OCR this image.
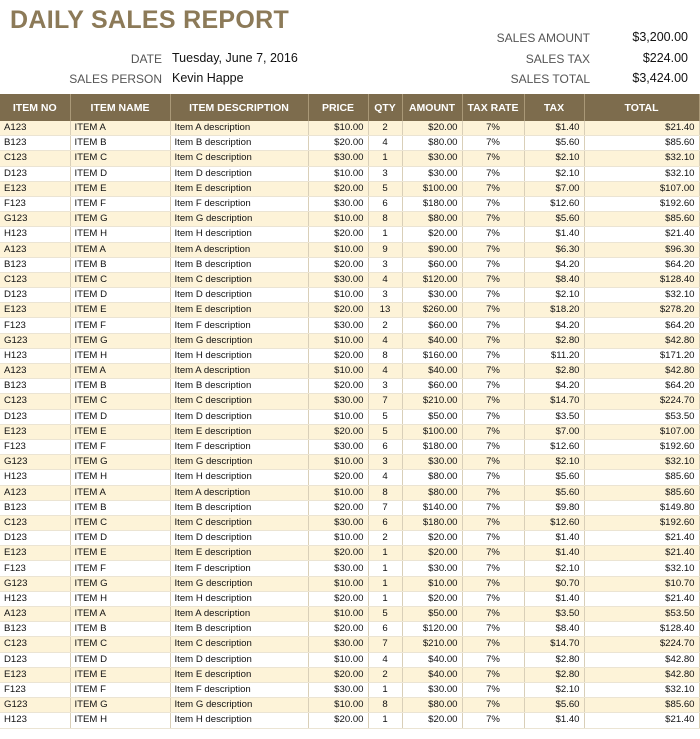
DAILY SALES REPORT
DATE Tuesday, June 7, 2016
SALES PERSON Kevin Happe
SALES AMOUNT	$3,200.00
SALES TAX	$224.00
SALES TOTAL	$3,424.00
ITEM NO	ITEM NAME	ITEM DESCRIPTION	PRICE	QTY	AMOUNT	TAX RATE	TAX	TOTAL
A123	ITEM A	Item A description	$10.00	2	$20.00	7%	$1.40	$21.40
B123	ITEM B	Item B description	$20.00	4	$80.00	7%	$5.60	$85.60
C123	ITEM C	Item C description	$30.00	1	$30.00	7%	$2.10	$32.10
D123	ITEM D	Item D description	$10.00	3	$30.00	7%	$2.10	$32.10
E123	ITEM E	Item E description	$20.00	5	$100.00	7%	$7.00	$107.00
F123	ITEM F	Item F description	$30.00	6	$180.00	7%	$12.60	$192.60
G123	ITEM G	Item G description	$10.00	8	$80.00	7%	$5.60	$85.60
H123	ITEM H	Item H description	$20.00	1	$20.00	7%	$1.40	$21.40
A123	ITEM A	Item A description	$10.00	9	$90.00	7%	$6.30	$96.30
B123	ITEM B	Item B description	$20.00	3	$60.00	7%	$4.20	$64.20
C123	ITEM C	Item C description	$30.00	4	$120.00	7%	$8.40	$128.40
D123	ITEM D	Item D description	$10.00	3	$30.00	7%	$2.10	$32.10
E123	ITEM E	Item E description	$20.00	13	$260.00	7%	$18.20	$278.20
F123	ITEM F	Item F description	$30.00	2	$60.00	7%	$4.20	$64.20
G123	ITEM G	Item G description	$10.00	4	$40.00	7%	$2.80	$42.80
H123	ITEM H	Item H description	$20.00	8	$160.00	7%	$11.20	$171.20
A123	ITEM A	Item A description	$10.00	4	$40.00	7%	$2.80	$42.80
B123	ITEM B	Item B description	$20.00	3	$60.00	7%	$4.20	$64.20
C123	ITEM C	Item C description	$30.00	7	$210.00	7%	$14.70	$224.70
D123	ITEM D	Item D description	$10.00	5	$50.00	7%	$3.50	$53.50
E123	ITEM E	Item E description	$20.00	5	$100.00	7%	$7.00	$107.00
F123	ITEM F	Item F description	$30.00	6	$180.00	7%	$12.60	$192.60
G123	ITEM G	Item G description	$10.00	3	$30.00	7%	$2.10	$32.10
H123	ITEM H	Item H description	$20.00	4	$80.00	7%	$5.60	$85.60
A123	ITEM A	Item A description	$10.00	8	$80.00	7%	$5.60	$85.60
B123	ITEM B	Item B description	$20.00	7	$140.00	7%	$9.80	$149.80
C123	ITEM C	Item C description	$30.00	6	$180.00	7%	$12.60	$192.60
D123	ITEM D	Item D description	$10.00	2	$20.00	7%	$1.40	$21.40
E123	ITEM E	Item E description	$20.00	1	$20.00	7%	$1.40	$21.40
F123	ITEM F	Item F description	$30.00	1	$30.00	7%	$2.10	$32.10
G123	ITEM G	Item G description	$10.00	1	$10.00	7%	$0.70	$10.70
H123	ITEM H	Item H description	$20.00	1	$20.00	7%	$1.40	$21.40
A123	ITEM A	Item A description	$10.00	5	$50.00	7%	$3.50	$53.50
B123	ITEM B	Item B description	$20.00	6	$120.00	7%	$8.40	$128.40
C123	ITEM C	Item C description	$30.00	7	$210.00	7%	$14.70	$224.70
D123	ITEM D	Item D description	$10.00	4	$40.00	7%	$2.80	$42.80
E123	ITEM E	Item E description	$20.00	2	$40.00	7%	$2.80	$42.80
F123	ITEM F	Item F description	$30.00	1	$30.00	7%	$2.10	$32.10
G123	ITEM G	Item G description	$10.00	8	$80.00	7%	$5.60	$85.60
H123	ITEM H	Item H description	$20.00	1	$20.00	7%	$1.40	$21.40
